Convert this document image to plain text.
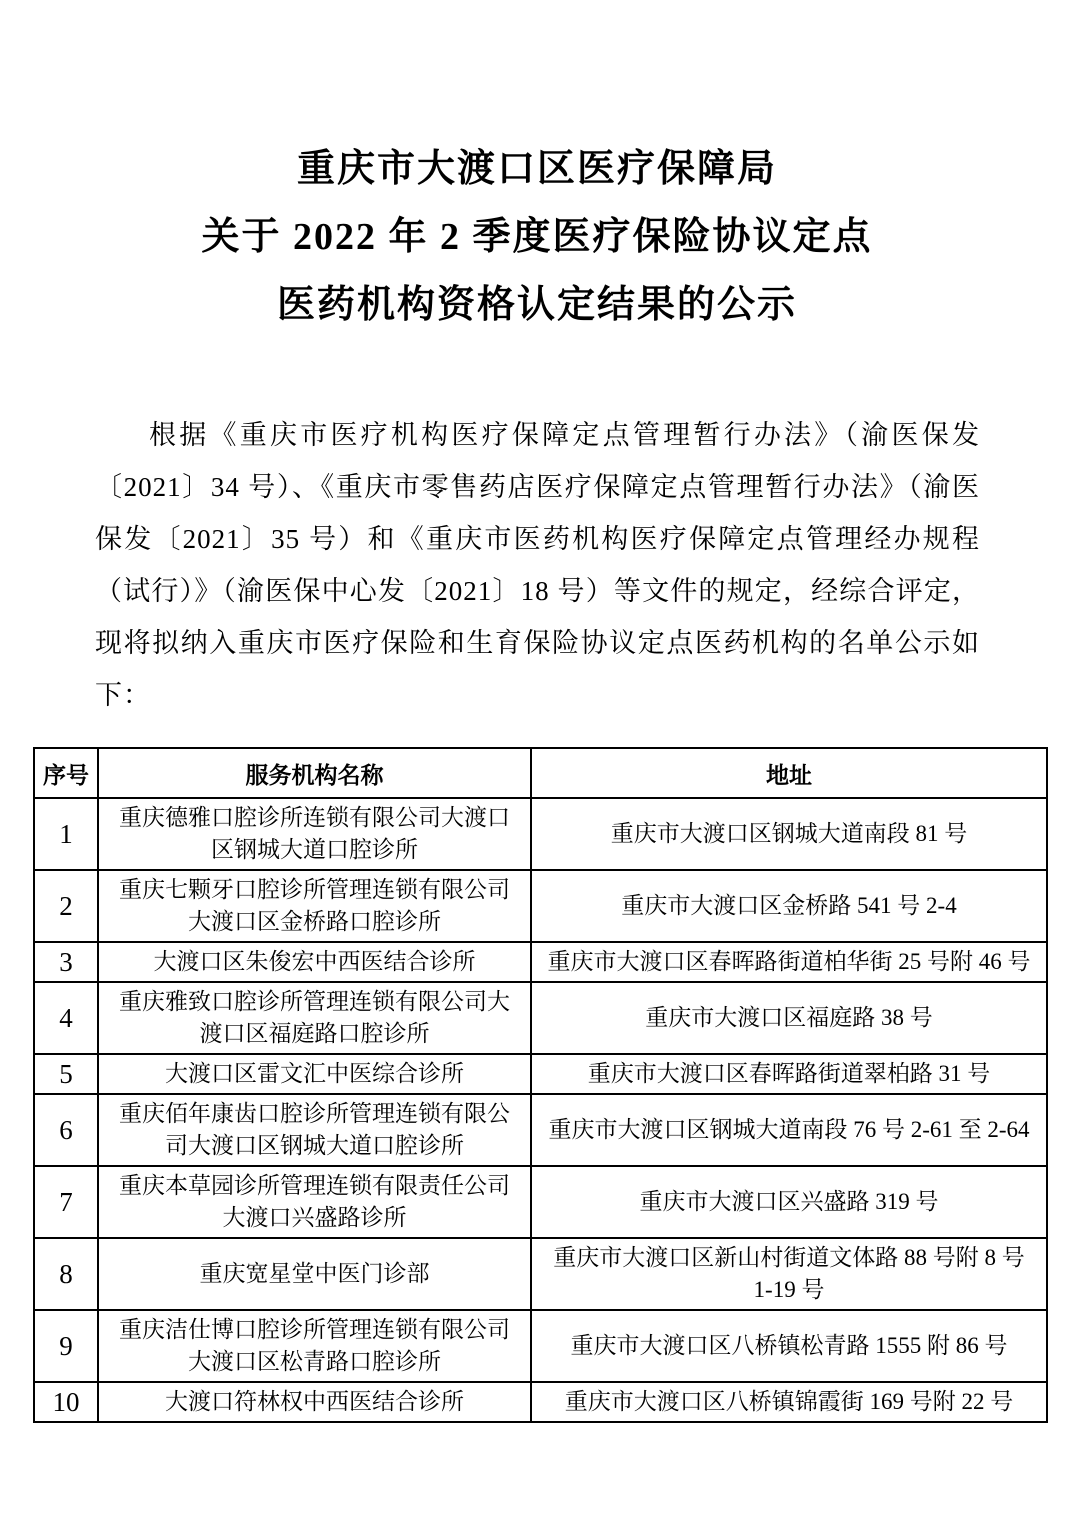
重庆市大渡口区医疗保障局
关于 2022 年 2 季度医疗保险协议定点
医药机构资格认定结果的公示

根据《重庆市医疗机构医疗保障定点管理暂行办法》（渝医保发〔2021〕34 号）、《重庆市零售药店医疗保障定点管理暂行办法》（渝医保发〔2021〕35 号）和《重庆市医药机构医疗保障定点管理经办规程（试行）》（渝医保中心发〔2021〕18 号）等文件的规定，经综合评定，现将拟纳入重庆市医疗保险和生育保险协议定点医药机构的名单公示如下：

序号	服务机构名称	地址
1	重庆德雅口腔诊所连锁有限公司大渡口区钢城大道口腔诊所	重庆市大渡口区钢城大道南段 81 号
2	重庆七颗牙口腔诊所管理连锁有限公司大渡口区金桥路口腔诊所	重庆市大渡口区金桥路 541 号 2-4
3	大渡口区朱俊宏中西医结合诊所	重庆市大渡口区春晖路街道柏华街 25 号附 46 号
4	重庆雅致口腔诊所管理连锁有限公司大渡口区福庭路口腔诊所	重庆市大渡口区福庭路 38 号
5	大渡口区雷文汇中医综合诊所	重庆市大渡口区春晖路街道翠柏路 31 号
6	重庆佰年康齿口腔诊所管理连锁有限公司大渡口区钢城大道口腔诊所	重庆市大渡口区钢城大道南段 76 号 2-61 至 2-64
7	重庆本草园诊所管理连锁有限责任公司大渡口兴盛路诊所	重庆市大渡口区兴盛路 319 号
8	重庆宽星堂中医门诊部	重庆市大渡口区新山村街道文体路 88 号附 8 号 1-19 号
9	重庆洁仕博口腔诊所管理连锁有限公司大渡口区松青路口腔诊所	重庆市大渡口区八桥镇松青路 1555 附 86 号
10	大渡口符林权中西医结合诊所	重庆市大渡口区八桥镇锦霞街 169 号附 22 号
